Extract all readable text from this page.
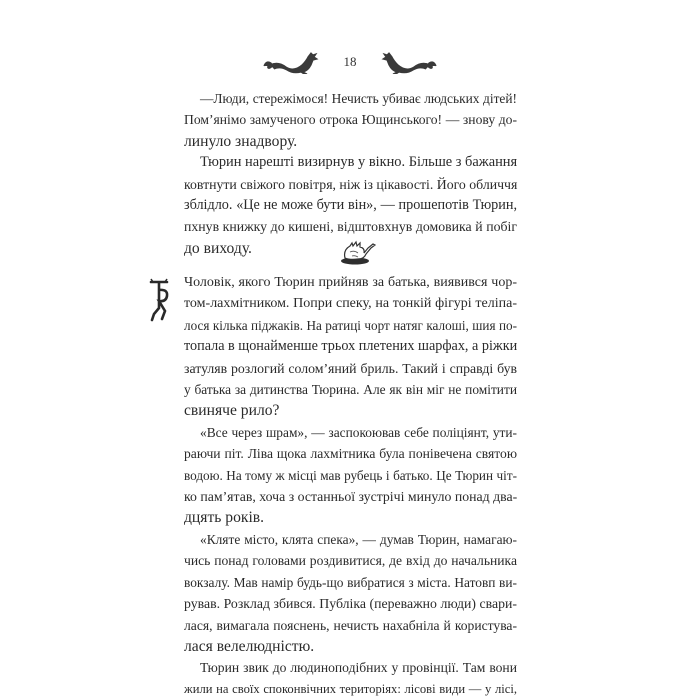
18
—Люди, стережімося! Нечисть убиває людських дітей!
Пом’янімо замученого отрока Ющинського! — знову до-
линуло знадвору.
Тюрин нарешті визирнув у вікно. Більше з бажання
ковтнути свіжого повітря, ніж із цікавості. Його обличчя
зблідло. «Це не може бути він», — прошепотів Тюрин,
пхнув книжку до кишені, відштовхнув домовика й побіг
до виходу.
Чоловік, якого Тюрин прийняв за батька, виявився чор-
том-лахмітником. Попри спеку, на тонкій фігурі теліпа-
лося кілька піджаків. На ратиці чорт натяг калоші, шия по-
топала в щонайменше трьох плетених шарфах, а ріжки
затуляв розлогий солом’яний бриль. Такий і справді був
у батька за дитинства Тюрина. Але як він міг не помітити
свиняче рило?
«Все через шрам», — заспокоював себе поліціянт, ути-
раючи піт. Ліва щока лахмітника була понівечена святою
водою. На тому ж місці мав рубець і батько. Це Тюрин чіт-
ко пам’ятав, хоча з останньої зустрічі минуло понад два-
дцять років.
«Кляте місто, клята спека», — думав Тюрин, намагаю-
чись понад головами роздивитися, де вхід до начальника
вокзалу. Мав намір будь-що вибратися з міста. Натовп ви-
рував. Розклад збився. Публіка (переважно люди) свари-
лася, вимагала пояснень, нечисть нахабніла й користува-
лася велелюдністю.
Тюрин звик до людиноподібних у провінції. Там вони
жили на своїх споконвічних територіях: лісові види — у лісі,
